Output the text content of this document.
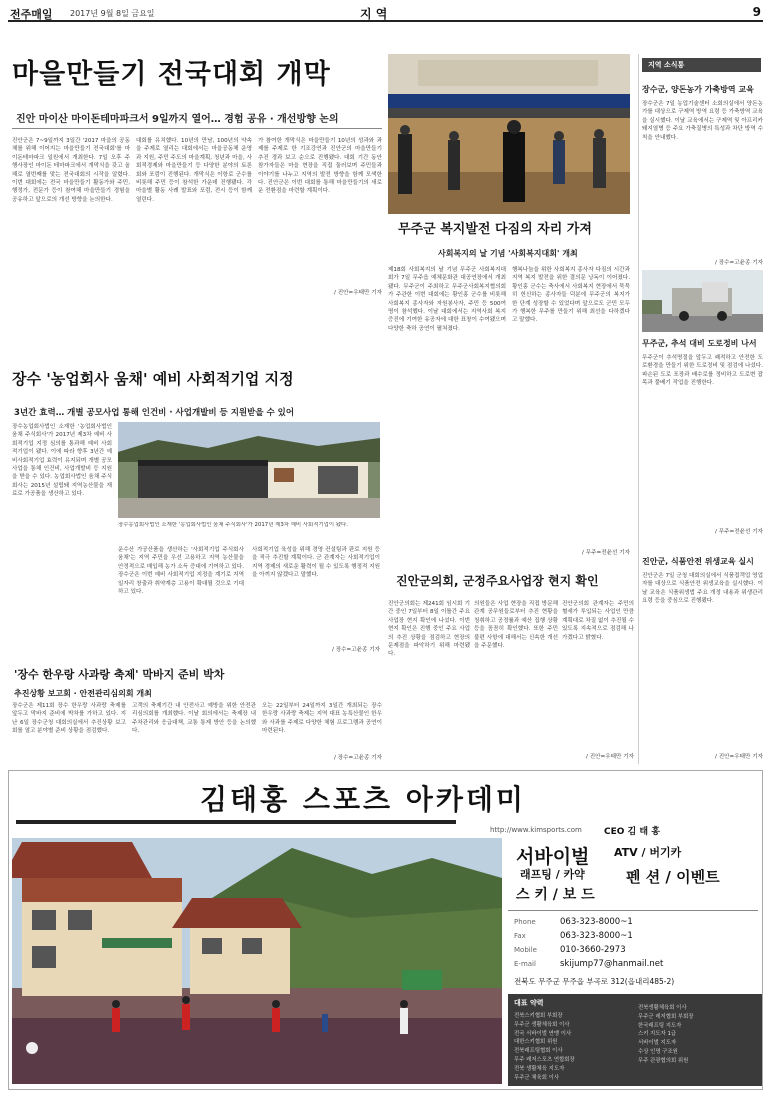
전주매일 2017년 9월 8일 금요일	지 역	9
마을만들기 전국대회 개막
진안 마이산 마이돈테마파크서 9일까지 열어… 경험 공유 · 개선방향 논의
진안군은 7~9일까지 3일간 '2017 마을의 공동체를 위해 이어지는 마을만들기 전국대회'를 마이돈테마파크 일원에서 개최한다. 7일 오후 주 행사장인 마이돈 테마파크에서 개막식을 갖고 올해로 열번째를 맞는 전국대회의 시작을 알렸다. 이번 대회에는 전국 마을만들기 활동가와 주민, 행정가, 전문가 등이 참여해 마을만들기 경험을 공유하고 앞으로의 개선 방향을 논의한다.
대회를 유치했다. 10년의 만남, 100년의 약속을 주제로 열리는 대회에서는 마을공동체 운영과 지원, 주민 주도의 마을계획, 청년과 마을, 사회적경제와 마을만들기 등 다양한 분야의 토론회와 포럼이 진행된다. 개막식은 이항로 군수를 비롯해 주민 등이 참석한 가운데 진행됐다. 각 마을별 활동 사례 발표와 포럼, 전시 등이 함께 열린다.
가 참여한 개막식은 마을만들기 10년의 성과와 과제를 주제로 한 기조강연과 진안군의 마을만들기 추진 경과 보고 순으로 진행됐다. 대회 기간 동안 참가자들은 마을 현장을 직접 둘러보며 주민들과 이야기를 나누고 지역의 발전 방향을 함께 모색한다. 진안군은 이번 대회를 통해 마을만들기의 새로운 전환점을 마련할 계획이다.
/ 진안=우태만 기자
무주군 복지발전 다짐의 자리 가져
사회복지의 날 기념 '사회복지대회' 개최
제18회 사회복지의 날 기념 무주군 사회복지대회가 7일 무주읍 예체문화관 대공연장에서 개최됐다. 무주군이 주최하고 무주군사회복지협의회가 주관한 이번 대회에는 황인홍 군수를 비롯해 사회복지 종사자와 자원봉사자, 주민 등 500여 명이 참석했다. 이날 대회에서는 지역사회 복지 증진에 기여한 유공자에 대한 표창이 수여됐으며 다양한 축하 공연이 펼쳐졌다.
행복나눔을 위한 사회복지 종사자 다짐의 시간과 지역 복지 발전을 위한 결의문 낭독이 이어졌다. 황인홍 군수는 축사에서 사회복지 현장에서 묵묵히 헌신하는 종사자들 덕분에 무주군의 복지가 한 단계 성장할 수 있었다며 앞으로도 군민 모두가 행복한 무주를 만들기 위해 최선을 다하겠다고 말했다.
/ 무주=전윤선 기자
장수 '농업회사 움채' 예비 사회적기업 지정
3년간 효력… 개별 공모사업 통해 인건비 · 사업개발비 등 지원받을 수 있어
장수농업회사법인 소재한 '농업회사법인 움채 주식회사'가 2017년 제3차 예비 사회적기업 지정 심의를 통과해 예비 사회적기업이 됐다. 이에 따라 향후 3년간 예비사회적기업 효력이 유지되며 개별 공모사업을 통해 인건비, 사업개발비 등 지원을 받을 수 있다. 농업회사법인 움채 주식회사는 2015년 설립돼 지역농산물을 재료로 가공품을 생산하고 있다.
장수농업회사법인 소재한 '농업회사법인 움채 주식회사'가 2017년 제3차 예비 사회적기업이 됐다.
운수산 가공산품을 생산하는 '사회적기업 주식회사 움채'는 지역 주민을 우선 고용하고 지역 농산물을 안정적으로 매입해 농가 소득 증대에 기여하고 있다. 장수군은 이번 예비 사회적기업 지정을 계기로 지역 일자리 창출과 취약계층 고용이 확대될 것으로 기대하고 있다.
사회적기업 육성을 위해 경영 컨설팅과 판로 지원 등을 적극 추진할 계획이다. 군 관계자는 사회적기업이 지역 경제의 새로운 활력이 될 수 있도록 행정적 지원을 아끼지 않겠다고 말했다.
/ 장수=고윤종 기자
'장수 한우랑 사과랑 축제' 막바지 준비 박차
추진상황 보고회 · 안전관리심의회 개최
장수군은 제11회 장수 한우랑 사과랑 축제를 앞두고 막바지 준비에 박차를 가하고 있다. 지난 6일 장수군청 대회의실에서 추진상황 보고회를 열고 분야별 준비 상황을 점검했다.
고객의 축제기간 내 안전사고 예방을 위한 안전관리심의회를 개최했다. 이날 회의에서는 축제장 내 주차관리와 응급대책, 교통 통제 방안 등을 논의했다.
오는 22일부터 24일까지 3일간 개최되는 장수 한우랑 사과랑 축제는 지역 대표 농특산물인 한우와 사과를 주제로 다양한 체험 프로그램과 공연이 마련된다.
/ 장수=고윤종 기자
진안군의회, 군정주요사업장 현지 확인
진안군의회는 제241회 임시회 기간 중인 7일부터 8일 이틀간 주요 사업장 현지 확인에 나섰다. 이번 현지 확인은 진행 중인 주요 사업의 추진 상황을 점검하고 현장의 문제점을 파악하기 위해 마련됐다.
의원들은 사업 현장을 직접 방문해 관계 공무원들로부터 추진 현황을 청취하고 공정률과 예산 집행 상황 등을 꼼꼼히 확인했다. 또한 주민 불편 사항에 대해서는 신속한 개선을 주문했다.
진안군의회 관계자는 주민의 혈세가 투입되는 사업인 만큼 계획대로 차질 없이 추진될 수 있도록 지속적으로 점검해 나가겠다고 밝혔다.
/ 진안=우태만 기자
지역 소식통
장수군, 양돈농가 가축방역 교육
장수군은 7일 농업기술센터 소회의실에서 양돈농가를 대상으로 구제역 방역 요령 등 가축방역 교육을 실시했다. 이날 교육에서는 구제역 및 아프리카돼지열병 등 주요 가축질병의 특성과 차단 방역 수칙을 안내했다.
/ 장수=고윤종 기자
무주군, 추석 대비 도로정비 나서
무주군이 추석명절을 앞두고 쾌적하고 안전한 도로환경을 만들기 위한 도로정비 및 점검에 나섰다. 파손된 도로 포장과 배수로를 정비하고 도로변 잡목과 풀베기 작업을 진행한다.
/ 무주=전윤선 기자
진안군, 식품안전 위생교육 실시
진안군은 7일 군청 대회의실에서 식품접객업 영업자를 대상으로 식품안전 위생교육을 실시했다. 이날 교육은 식품위생법 주요 개정 내용과 위생관리 요령 등을 중심으로 진행됐다.
/ 진안=우태만 기자
김태홍 스포츠 아카데미
http://www.kimsports.com CEO 김 태 홍
서바이벌	ATV / 버기카
래프팅 / 카약
스 키 / 보 드
펜 션 / 이벤트
Phone	063-323-8000~1
Fax	063-323-8000~1
Mobile	010-3660-2973
E-mail	skijump77@hanmail.net
전북도 무주군 무주읍 부곡로 312(읍내리485-2)
대표 약력
전북스키협회 부회장
무주군 생활체육회 이사
전국 서바이벌 연맹 이사
대한스키협회 위원
전북래프팅협회 이사
무주 레저스포츠 연합회장
전북 생활체육 지도자
무주군 체육회 이사
전북생활체육회 이사
무주군 레저협회 부회장
한국래프팅 지도자
스키 지도자 1급
서바이벌 지도자
수상 인명 구조원
무주 관광협의회 위원
